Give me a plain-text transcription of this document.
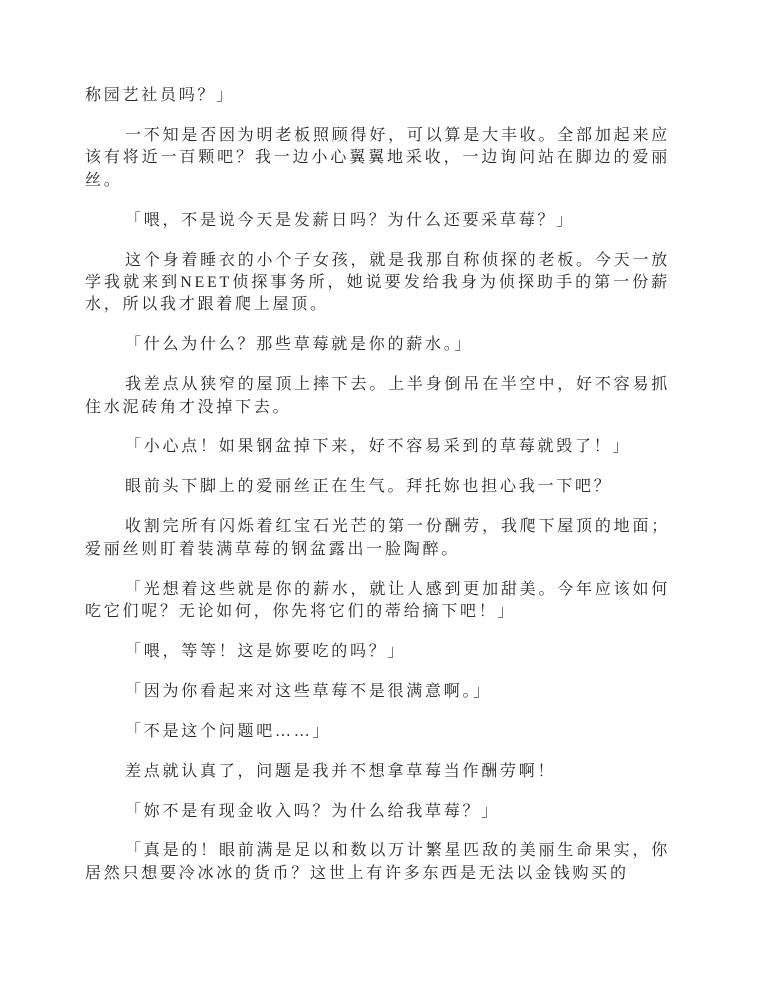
称园艺社员吗？」

一不知是否因为明老板照顾得好，可以算是大丰收。全部加起来应该有将近一百颗吧？我一边小心翼翼地采收，一边询问站在脚边的爱丽丝。

「喂，不是说今天是发薪日吗？为什么还要采草莓？」

这个身着睡衣的小个子女孩，就是我那自称侦探的老板。今天一放学我就来到NEET侦探事务所，她说要发给我身为侦探助手的第一份薪水，所以我才跟着爬上屋顶。

「什么为什么？那些草莓就是你的薪水。」

我差点从狭窄的屋顶上摔下去。上半身倒吊在半空中，好不容易抓住水泥砖角才没掉下去。

「小心点！如果钢盆掉下来，好不容易采到的草莓就毁了！」

眼前头下脚上的爱丽丝正在生气。拜托妳也担心我一下吧？

收割完所有闪烁着红宝石光芒的第一份酬劳，我爬下屋顶的地面；爱丽丝则盯着装满草莓的钢盆露出一脸陶醉。

「光想着这些就是你的薪水，就让人感到更加甜美。今年应该如何吃它们呢？无论如何，你先将它们的蒂给摘下吧！」

「喂，等等！这是妳要吃的吗？」

「因为你看起来对这些草莓不是很满意啊。」

「不是这个问题吧……」

差点就认真了，问题是我并不想拿草莓当作酬劳啊！

「妳不是有现金收入吗？为什么给我草莓？」

「真是的！眼前满是足以和数以万计繁星匹敌的美丽生命果实，你居然只想要冷冰冰的货币？这世上有许多东西是无法以金钱购买的
